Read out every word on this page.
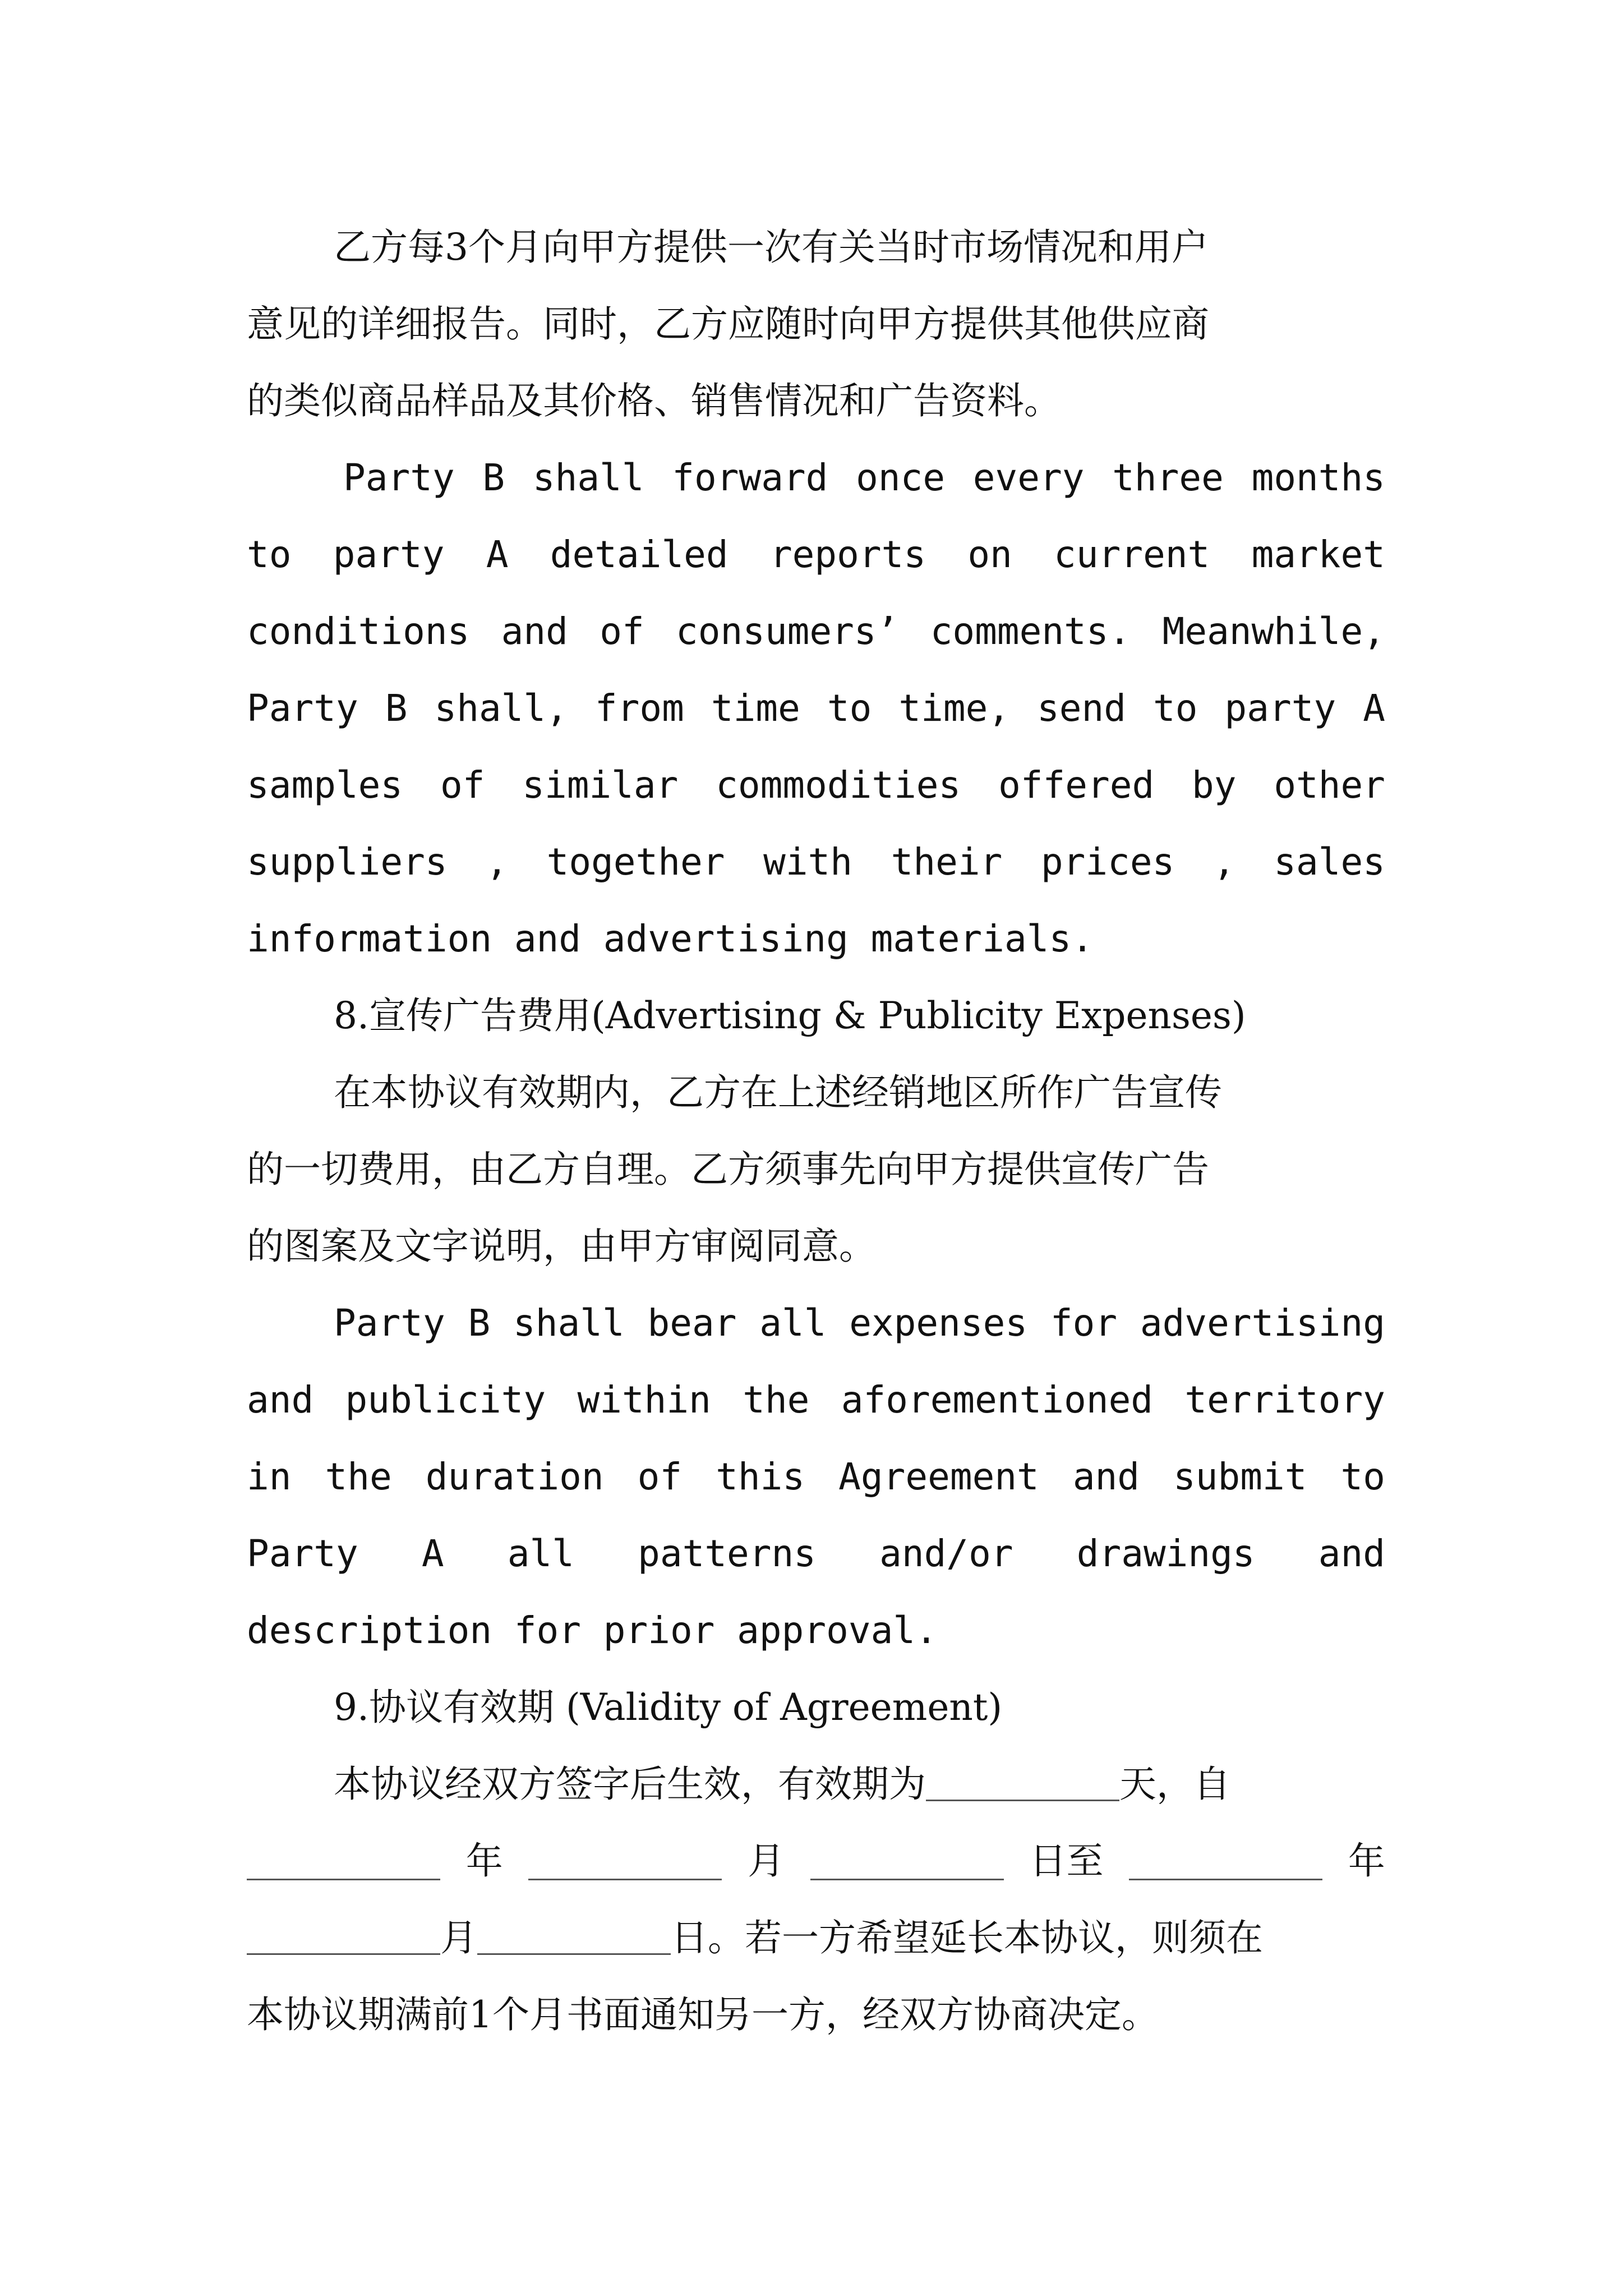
乙方每3个月向甲方提供一次有关当时市场情况和用户
意见的详细报告。同时，乙方应随时向甲方提供其他供应商
的类似商品样品及其价格、销售情况和广告资料。
Party B shall forward once every three months
to party A detailed reports on current market
conditions and of consumers’ comments. Meanwhile,
Party B shall, from time to time, send to party A
samples of similar commodities offered by other
suppliers , together with their prices , sales
information and advertising materials.
8.宣传广告费用(Advertising & Publicity Expenses)
在本协议有效期内，乙方在上述经销地区所作广告宣传
的一切费用，由乙方自理。乙方须事先向甲方提供宣传广告
的图案及文字说明，由甲方审阅同意。
Party B shall bear all expenses for advertising
and publicity within the aforementioned territory
in the duration of this Agreement and submit to
Party A all patterns and/or drawings and
description for prior approval.
9.协议有效期 (Validity of Agreement)
本协议经双方签字后生效，有效期为	天，自
年	月	日至	年
月	日。若一方希望延长本协议，则须在
本协议期满前1个月书面通知另一方，经双方协商决定。
